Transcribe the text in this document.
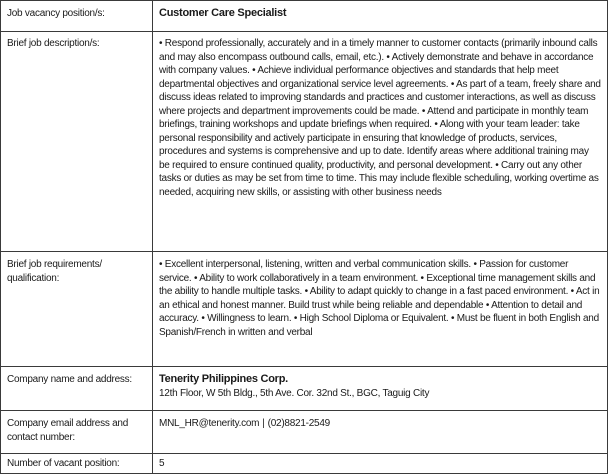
Job vacancy position/s:	Customer Care Specialist
Brief job description/s:	• Respond professionally, accurately and in a timely manner to customer contacts (primarily inbound calls and may also encompass outbound calls, email, etc.). • Actively demonstrate and behave in accordance with company values. • Achieve individual performance objectives and standards that help meet departmental objectives and organizational service level agreements. • As part of a team, freely share and discuss ideas related to improving standards and practices and customer interactions, as well as discuss where projects and department improvements could be made. • Attend and participate in monthly team briefings, training workshops and update briefings when required. • Along with your team leader: take personal responsibility and actively participate in ensuring that knowledge of products, services, procedures and systems is comprehensive and up to date. Identify areas where additional training may be required to ensure continued quality, productivity, and personal development. • Carry out any other tasks or duties as may be set from time to time. This may include flexible scheduling, working overtime as needed, acquiring new skills, or assisting with other business needs
Brief job requirements/ qualification:	• Excellent interpersonal, listening, written and verbal communication skills. • Passion for customer service. • Ability to work collaboratively in a team environment. • Exceptional time management skills and the ability to handle multiple tasks. • Ability to adapt quickly to change in a fast paced environment. • Act in an ethical and honest manner. Build trust while being reliable and dependable • Attention to detail and accuracy. • Willingness to learn. • High School Diploma or Equivalent. • Must be fluent in both English and Spanish/French in written and verbal
Company name and address:	Tenerity Philippines Corp.
12th Floor, W 5th Bldg., 5th Ave. Cor. 32nd St., BGC, Taguig City
Company email address and contact number:	MNL_HR@tenerity.com | (02)8821-2549
Number of vacant position:	5
